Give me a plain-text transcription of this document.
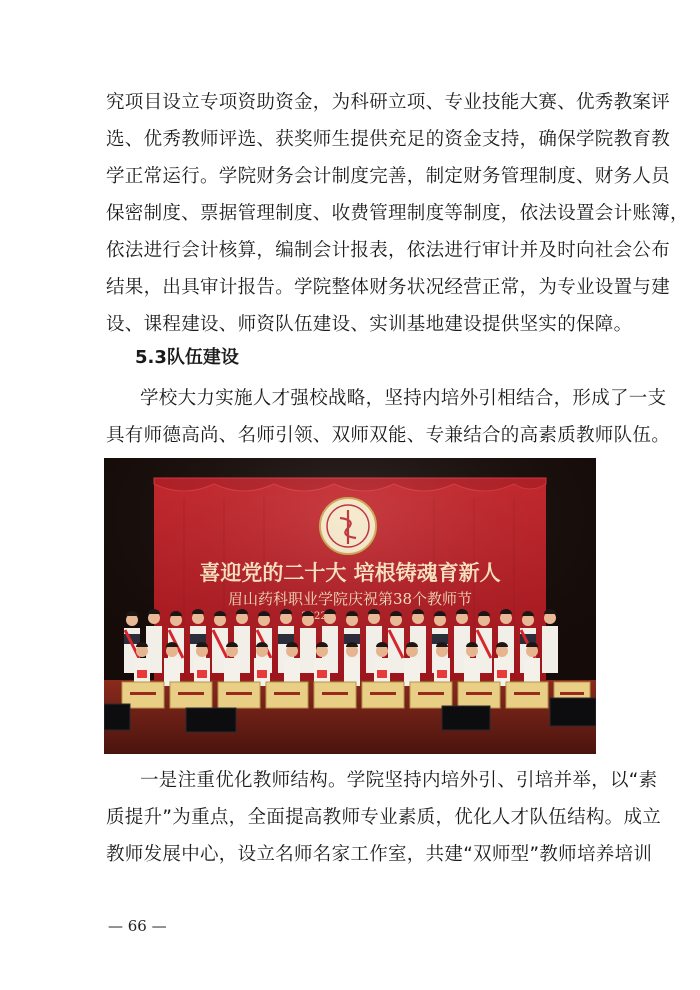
究项目设立专项资助资金，为科研立项、专业技能大赛、优秀教案评
选、优秀教师评选、获奖师生提供充足的资金支持，确保学院教育教
学正常运行。学院财务会计制度完善，制定财务管理制度、财务人员
保密制度、票据管理制度、收费管理制度等制度，依法设置会计账簿，
依法进行会计核算，编制会计报表，依法进行审计并及时向社会公布
结果，出具审计报告。学院整体财务状况经营正常，为专业设置与建
设、课程建设、师资队伍建设、实训基地建设提供坚实的保障。
5.3队伍建设
学校大力实施人才强校战略，坚持内培外引相结合，形成了一支
具有师德高尚、名师引领、双师双能、专兼结合的高素质教师队伍。
一是注重优化教师结构。学院坚持内培外引、引培并举，以“素
质提升”为重点，全面提高教师专业素质，优化人才队伍结构。成立
教师发展中心，设立名师名家工作室，共建“双师型”教师培养培训
— 66 —
